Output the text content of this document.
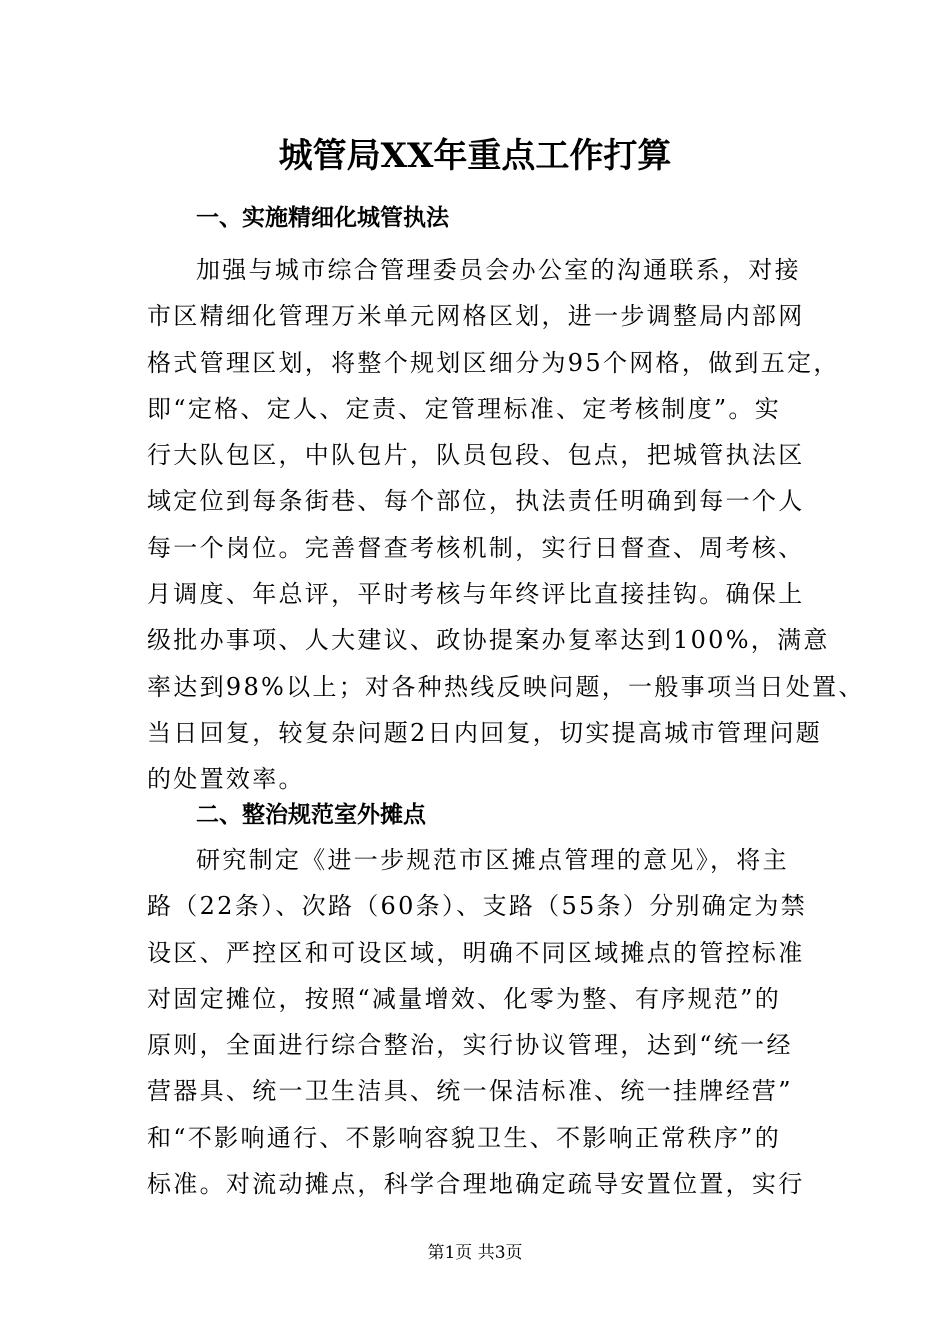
城管局XX年重点工作打算
一、实施精细化城管执法
加强与城市综合管理委员会办公室的沟通联系，对接
市区精细化管理万米单元网格区划，进一步调整局内部网
格式管理区划，将整个规划区细分为95个网格，做到五定，
即“定格、定人、定责、定管理标准、定考核制度”。实
行大队包区，中队包片，队员包段、包点，把城管执法区
域定位到每条街巷、每个部位，执法责任明确到每一个人
每一个岗位。完善督查考核机制，实行日督查、周考核、
月调度、年总评，平时考核与年终评比直接挂钩。确保上
级批办事项、人大建议、政协提案办复率达到100%，满意
率达到98%以上；对各种热线反映问题，一般事项当日处置、
当日回复，较复杂问题2日内回复，切实提高城市管理问题
的处置效率。
二、整治规范室外摊点
研究制定《进一步规范市区摊点管理的意见》，将主
路（22条）、次路（60条）、支路（55条）分别确定为禁
设区、严控区和可设区域，明确不同区域摊点的管控标准
对固定摊位，按照“减量增效、化零为整、有序规范”的
原则，全面进行综合整治，实行协议管理，达到“统一经
营器具、统一卫生洁具、统一保洁标准、统一挂牌经营”
和“不影响通行、不影响容貌卫生、不影响正常秩序”的
标准。对流动摊点，科学合理地确定疏导安置位置，实行
第1页 共3页
